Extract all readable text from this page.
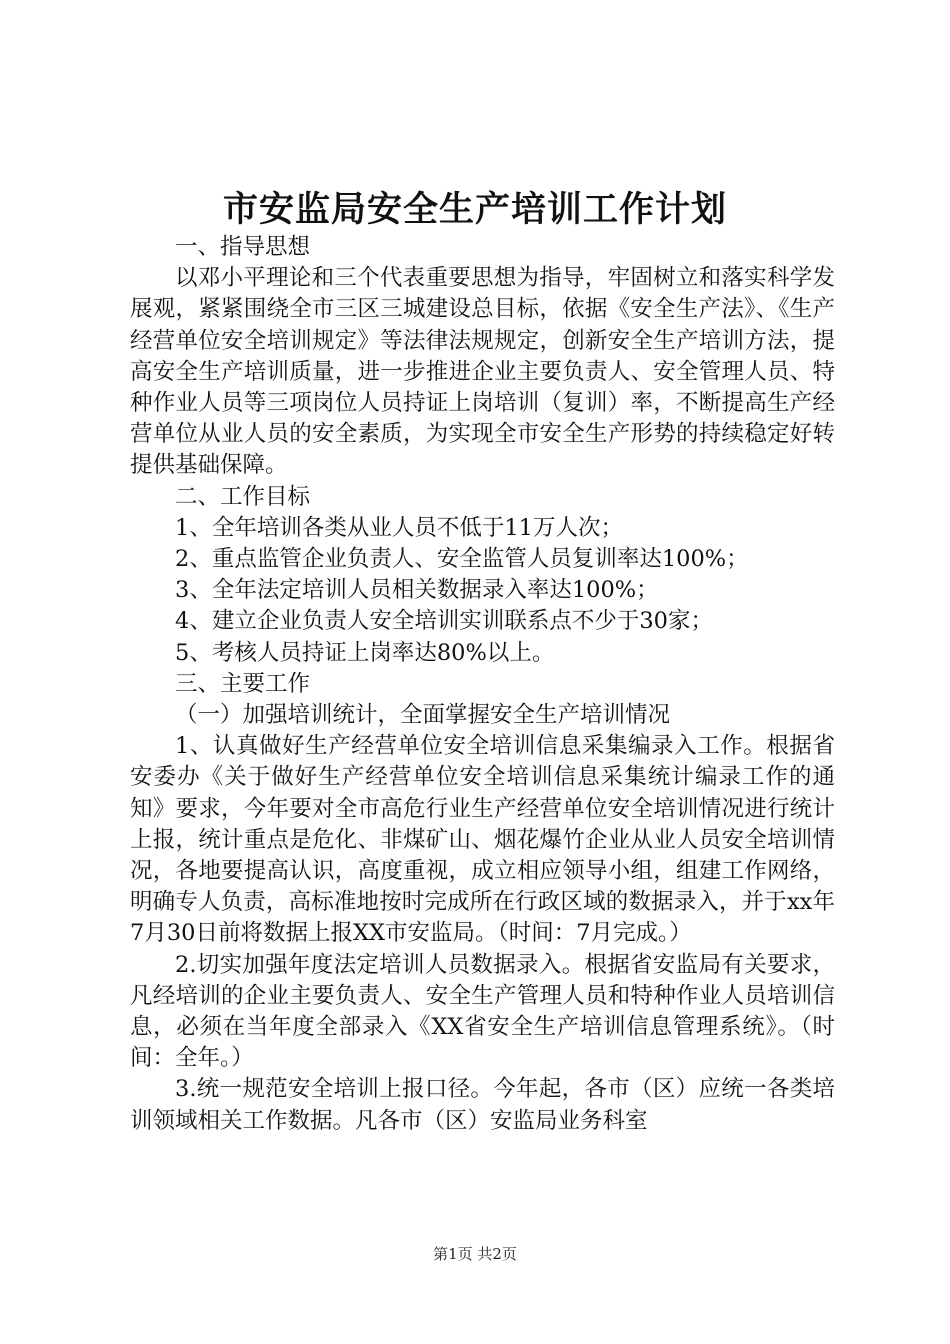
市安监局安全生产培训工作计划

一、指导思想

以邓小平理论和三个代表重要思想为指导，牢固树立和落实科学发展观，紧紧围绕全市三区三城建设总目标，依据《安全生产法》、《生产经营单位安全培训规定》等法律法规规定，创新安全生产培训方法，提高安全生产培训质量，进一步推进企业主要负责人、安全管理人员、特种作业人员等三项岗位人员持证上岗培训（复训）率，不断提高生产经营单位从业人员的安全素质，为实现全市安全生产形势的持续稳定好转提供基础保障。

二、工作目标

1、全年培训各类从业人员不低于11万人次；

2、重点监管企业负责人、安全监管人员复训率达100%；

3、全年法定培训人员相关数据录入率达100%；

4、建立企业负责人安全培训实训联系点不少于30家；

5、考核人员持证上岗率达80%以上。

三、主要工作

（一）加强培训统计，全面掌握安全生产培训情况

1、认真做好生产经营单位安全培训信息采集编录入工作。根据省安委办《关于做好生产经营单位安全培训信息采集统计编录工作的通知》要求，今年要对全市高危行业生产经营单位安全培训情况进行统计上报，统计重点是危化、非煤矿山、烟花爆竹企业从业人员安全培训情况，各地要提高认识，高度重视，成立相应领导小组，组建工作网络，明确专人负责，高标准地按时完成所在行政区域的数据录入，并于xx年7月30日前将数据上报XX市安监局。（时间：7月完成。）

2.切实加强年度法定培训人员数据录入。根据省安监局有关要求，凡经培训的企业主要负责人、安全生产管理人员和特种作业人员培训信息，必须在当年度全部录入《XX省安全生产培训信息管理系统》。（时间：全年。）

3.统一规范安全培训上报口径。今年起，各市（区）应统一各类培训领域相关工作数据。凡各市（区）安监局业务科室

第1页 共2页
